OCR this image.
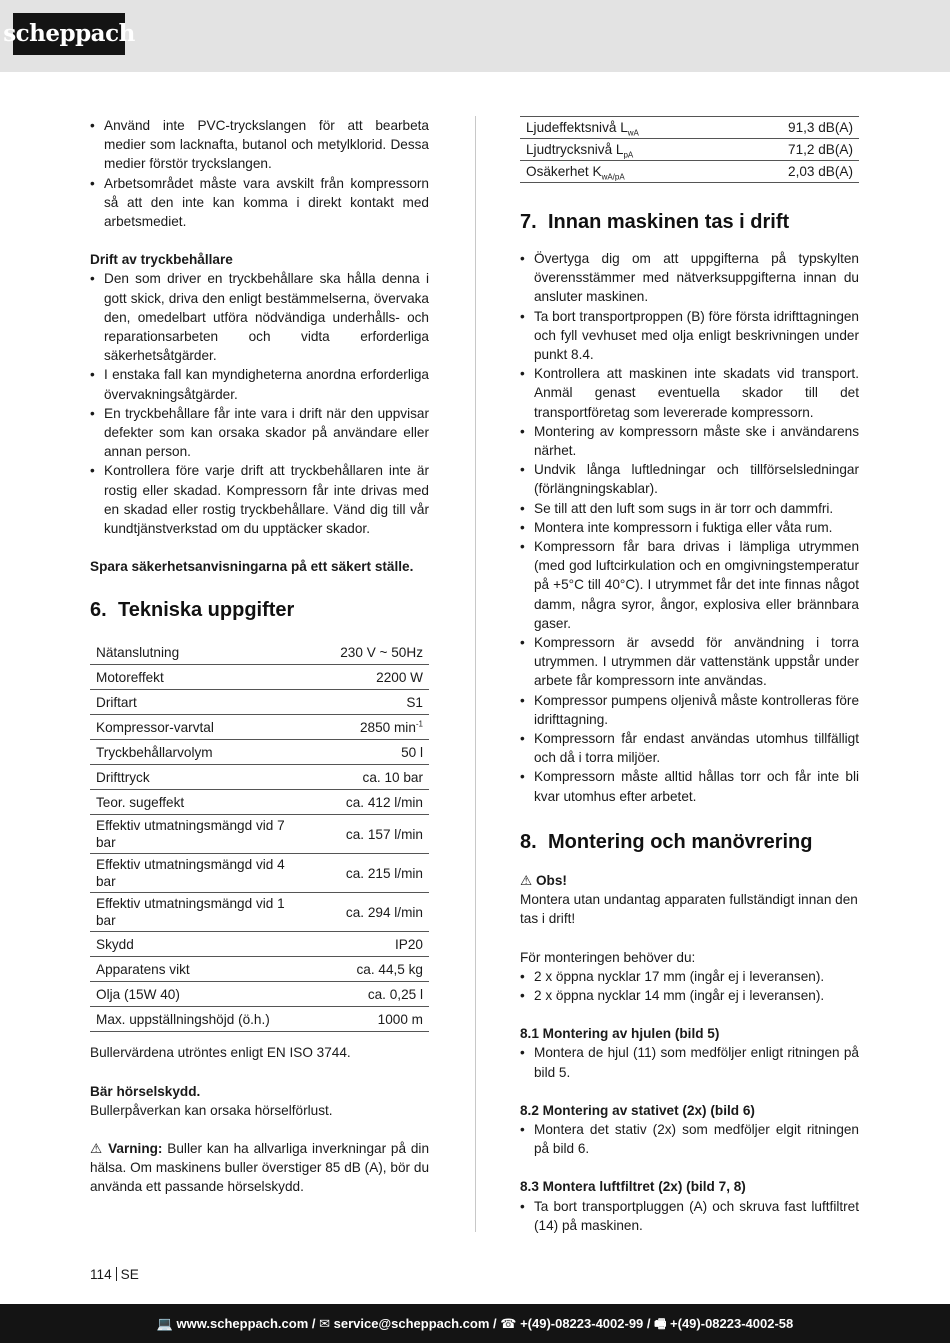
scheppach
• Använd inte PVC-tryckslangen för att bearbeta medier som lacknafta, butanol och metylklorid. Dessa medier förstör tryckslangen.
• Arbetsområdet måste vara avskilt från kompressorn så att den inte kan komma i direkt kontakt med arbetsmediet.

Drift av tryckbehållare

• Den som driver en tryckbehållare ska hålla denna i gott skick, driva den enligt bestämmelserna, övervaka den, omedelbart utföra nödvändiga underhålls- och reparationsarbeten och vidta erforderliga säkerhetsåtgärder.
• I enstaka fall kan myndigheterna anordna erforderliga övervakningsåtgärder.
• En tryckbehållare får inte vara i drift när den uppvisar defekter som kan orsaka skador på användare eller annan person.
• Kontrollera före varje drift att tryckbehållaren inte är rostig eller skadad. Kompressorn får inte drivas med en skadad eller rostig tryckbehållare. Vänd dig till vår kundtjänstverkstad om du upptäcker skador.

Spara säkerhetsanvisningarna på ett säkert ställe.

6. Tekniska uppgifter
Nätanslutning	230 V ~ 50Hz
Motoreffekt	2200 W
Driftart	S1
Kompressor-varvtal	2850 $\min^{-1}$
Tryckbehållarvolym	50 l
Drifttryck	ca. 10 bar
Teor. sugeffekt	ca. 412 l/min
Effektiv utmatningsmängd vid 7 bar	ca. 157 l/min
Effektiv utmatningsmängd vid 4 bar	ca. 215 l/min
Effektiv utmatningsmängd vid 1 bar	ca. 294 l/min
Skydd	IP20
Apparatens vikt	ca. 44,5 kg
Olja (15W 40)	ca. 0,25 l
Max. uppställningshöjd (ö.h.)	1000 m

Bullervärdena utröntes enligt EN ISO 3744.

Bär hörselskydd.

Bullerpåverkan kan orsaka hörselförlust.

⚠ Varning: Buller kan ha allvarliga inverkningar på din hälsa. Om maskinens buller överstiger 85 dB (A), bör du använda ett passande hörselskydd.

Ljudeffektsnivå $L_{wA}$	91,3 dB(A)
Ljudtrycksnivå $L_{pA}$	71,2 dB(A)
Osäkerhet $K_{wA/pA}$	2,03 dB(A)
7. Innan maskinen tas i drift
• Övertyga dig om att uppgifterna på typskylten överensstämmer med nätverksuppgifterna innan du ansluter maskinen.
• Ta bort transportproppen (B) före första idrifttagningen och fyll vevhuset med olja enligt beskrivningen under punkt 8.4.
• Kontrollera att maskinen inte skadats vid transport. Anmäl genast eventuella skador till det transportföretag som levererade kompressorn.
• Montering av kompressorn måste ske i användarens närhet.
• Undvik långa luftledningar och tillförselsledningar (förlängningskablar).
• Se till att den luft som sugs in är torr och dammfri.
• Montera inte kompressorn i fuktiga eller våta rum.
• Kompressorn får bara drivas i lämpliga utrymmen (med god luftcirkulation och en omgivningstemperatur på +5°C till 40°C). I utrymmet får det inte finnas något damm, några syror, ångor, explosiva eller brännbara gaser.
• Kompressorn är avsedd för användning i torra utrymmen. I utrymmen där vattenstänk uppstår under arbete får kompressorn inte användas.
• Kompressor pumpens oljenivå måste kontrolleras före idrifttagning.
• Kompressorn får endast användas utomhus tillfälligt och då i torra miljöer.
• Kompressorn måste alltid hållas torr och får inte bli kvar utomhus efter arbetet.
8. Montering och manövrering

⚠ Obs!

Montera utan undantag apparaten fullständigt innan den tas i drift!

För monteringen behöver du:

• 2 x öppna nycklar 17 mm (ingår ej i leveransen).
• 2 x öppna nycklar 14 mm (ingår ej i leveransen).

8.1 Montering av hjulen (bild 5)

• Montera de hjul (11) som medföljer enligt ritningen på bild 5.

8.2 Montering av stativet (2x) (bild 6)

• Montera det stativ (2x) som medföljer elgit ritningen på bild 6.

8.3 Montera luftfiltret (2x) (bild 7, 8)

• Ta bort transportpluggen (A) och skruva fast luftfiltret (14) på maskinen.
114 SE
💻 www.scheppach.com / ✉ service@scheppach.com / ☎ +(49)-08223-4002-99 / 🖷 +(49)-08223-4002-58
